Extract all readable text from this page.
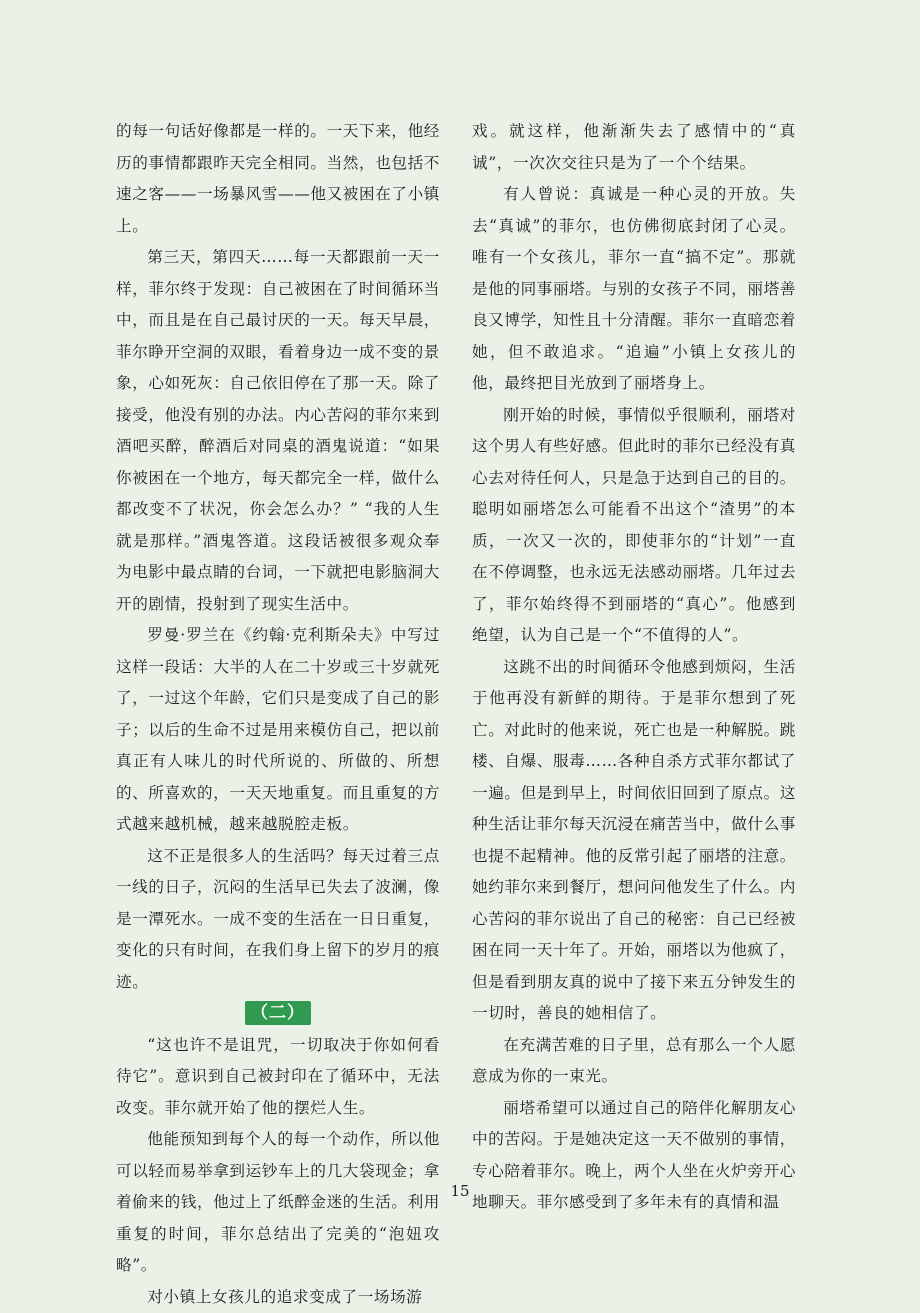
的每一句话好像都是一样的。一天下来，他经历的事情都跟昨天完全相同。当然，也包括不速之客——一场暴风雪——他又被困在了小镇上。

第三天，第四天……每一天都跟前一天一样，菲尔终于发现：自己被困在了时间循环当中，而且是在自己最讨厌的一天。每天早晨，菲尔睁开空洞的双眼，看着身边一成不变的景象，心如死灰：自己依旧停在了那一天。除了接受，他没有别的办法。内心苦闷的菲尔来到酒吧买醉，醉酒后对同桌的酒鬼说道：“如果你被困在一个地方，每天都完全一样，做什么都改变不了状况，你会怎么办？” “我的人生就是那样。”酒鬼答道。这段话被很多观众奉为电影中最点睛的台词，一下就把电影脑洞大开的剧情，投射到了现实生活中。

罗曼·罗兰在《约翰·克利斯朵夫》中写过这样一段话：大半的人在二十岁或三十岁就死了，一过这个年龄，它们只是变成了自己的影子；以后的生命不过是用来模仿自己，把以前真正有人味儿的时代所说的、所做的、所想的、所喜欢的，一天天地重复。而且重复的方式越来越机械，越来越脱腔走板。

这不正是很多人的生活吗？每天过着三点一线的日子，沉闷的生活早已失去了波澜，像是一潭死水。一成不变的生活在一日日重复，变化的只有时间，在我们身上留下的岁月的痕迹。

（二）

“这也许不是诅咒，一切取决于你如何看待它”。意识到自己被封印在了循环中，无法改变。菲尔就开始了他的摆烂人生。

他能预知到每个人的每一个动作，所以他可以轻而易举拿到运钞车上的几大袋现金；拿着偷来的钱，他过上了纸醉金迷的生活。利用重复的时间，菲尔总结出了完美的“泡妞攻略”。

对小镇上女孩儿的追求变成了一场场游

戏。就这样，他渐渐失去了感情中的“真诚”，一次次交往只是为了一个个结果。

有人曾说：真诚是一种心灵的开放。失去“真诚”的菲尔，也仿佛彻底封闭了心灵。唯有一个女孩儿，菲尔一直“搞不定”。那就是他的同事丽塔。与别的女孩子不同，丽塔善良又博学，知性且十分清醒。菲尔一直暗恋着她，但不敢追求。“追遍”小镇上女孩儿的他，最终把目光放到了丽塔身上。

刚开始的时候，事情似乎很顺利，丽塔对这个男人有些好感。但此时的菲尔已经没有真心去对待任何人，只是急于达到自己的目的。聪明如丽塔怎么可能看不出这个“渣男”的本质，一次又一次的，即使菲尔的“计划”一直在不停调整，也永远无法感动丽塔。几年过去了，菲尔始终得不到丽塔的“真心”。他感到绝望，认为自己是一个“不值得的人”。

这跳不出的时间循环令他感到烦闷，生活于他再没有新鲜的期待。于是菲尔想到了死亡。对此时的他来说，死亡也是一种解脱。跳楼、自爆、服毒……各种自杀方式菲尔都试了一遍。但是到早上，时间依旧回到了原点。这种生活让菲尔每天沉浸在痛苦当中，做什么事也提不起精神。他的反常引起了丽塔的注意。她约菲尔来到餐厅，想问问他发生了什么。内心苦闷的菲尔说出了自己的秘密：自己已经被困在同一天十年了。开始，丽塔以为他疯了，但是看到朋友真的说中了接下来五分钟发生的一切时，善良的她相信了。

在充满苦难的日子里，总有那么一个人愿意成为你的一束光。

丽塔希望可以通过自己的陪伴化解朋友心中的苦闷。于是她决定这一天不做别的事情，专心陪着菲尔。晚上，两个人坐在火炉旁开心地聊天。菲尔感受到了多年未有的真情和温

15
